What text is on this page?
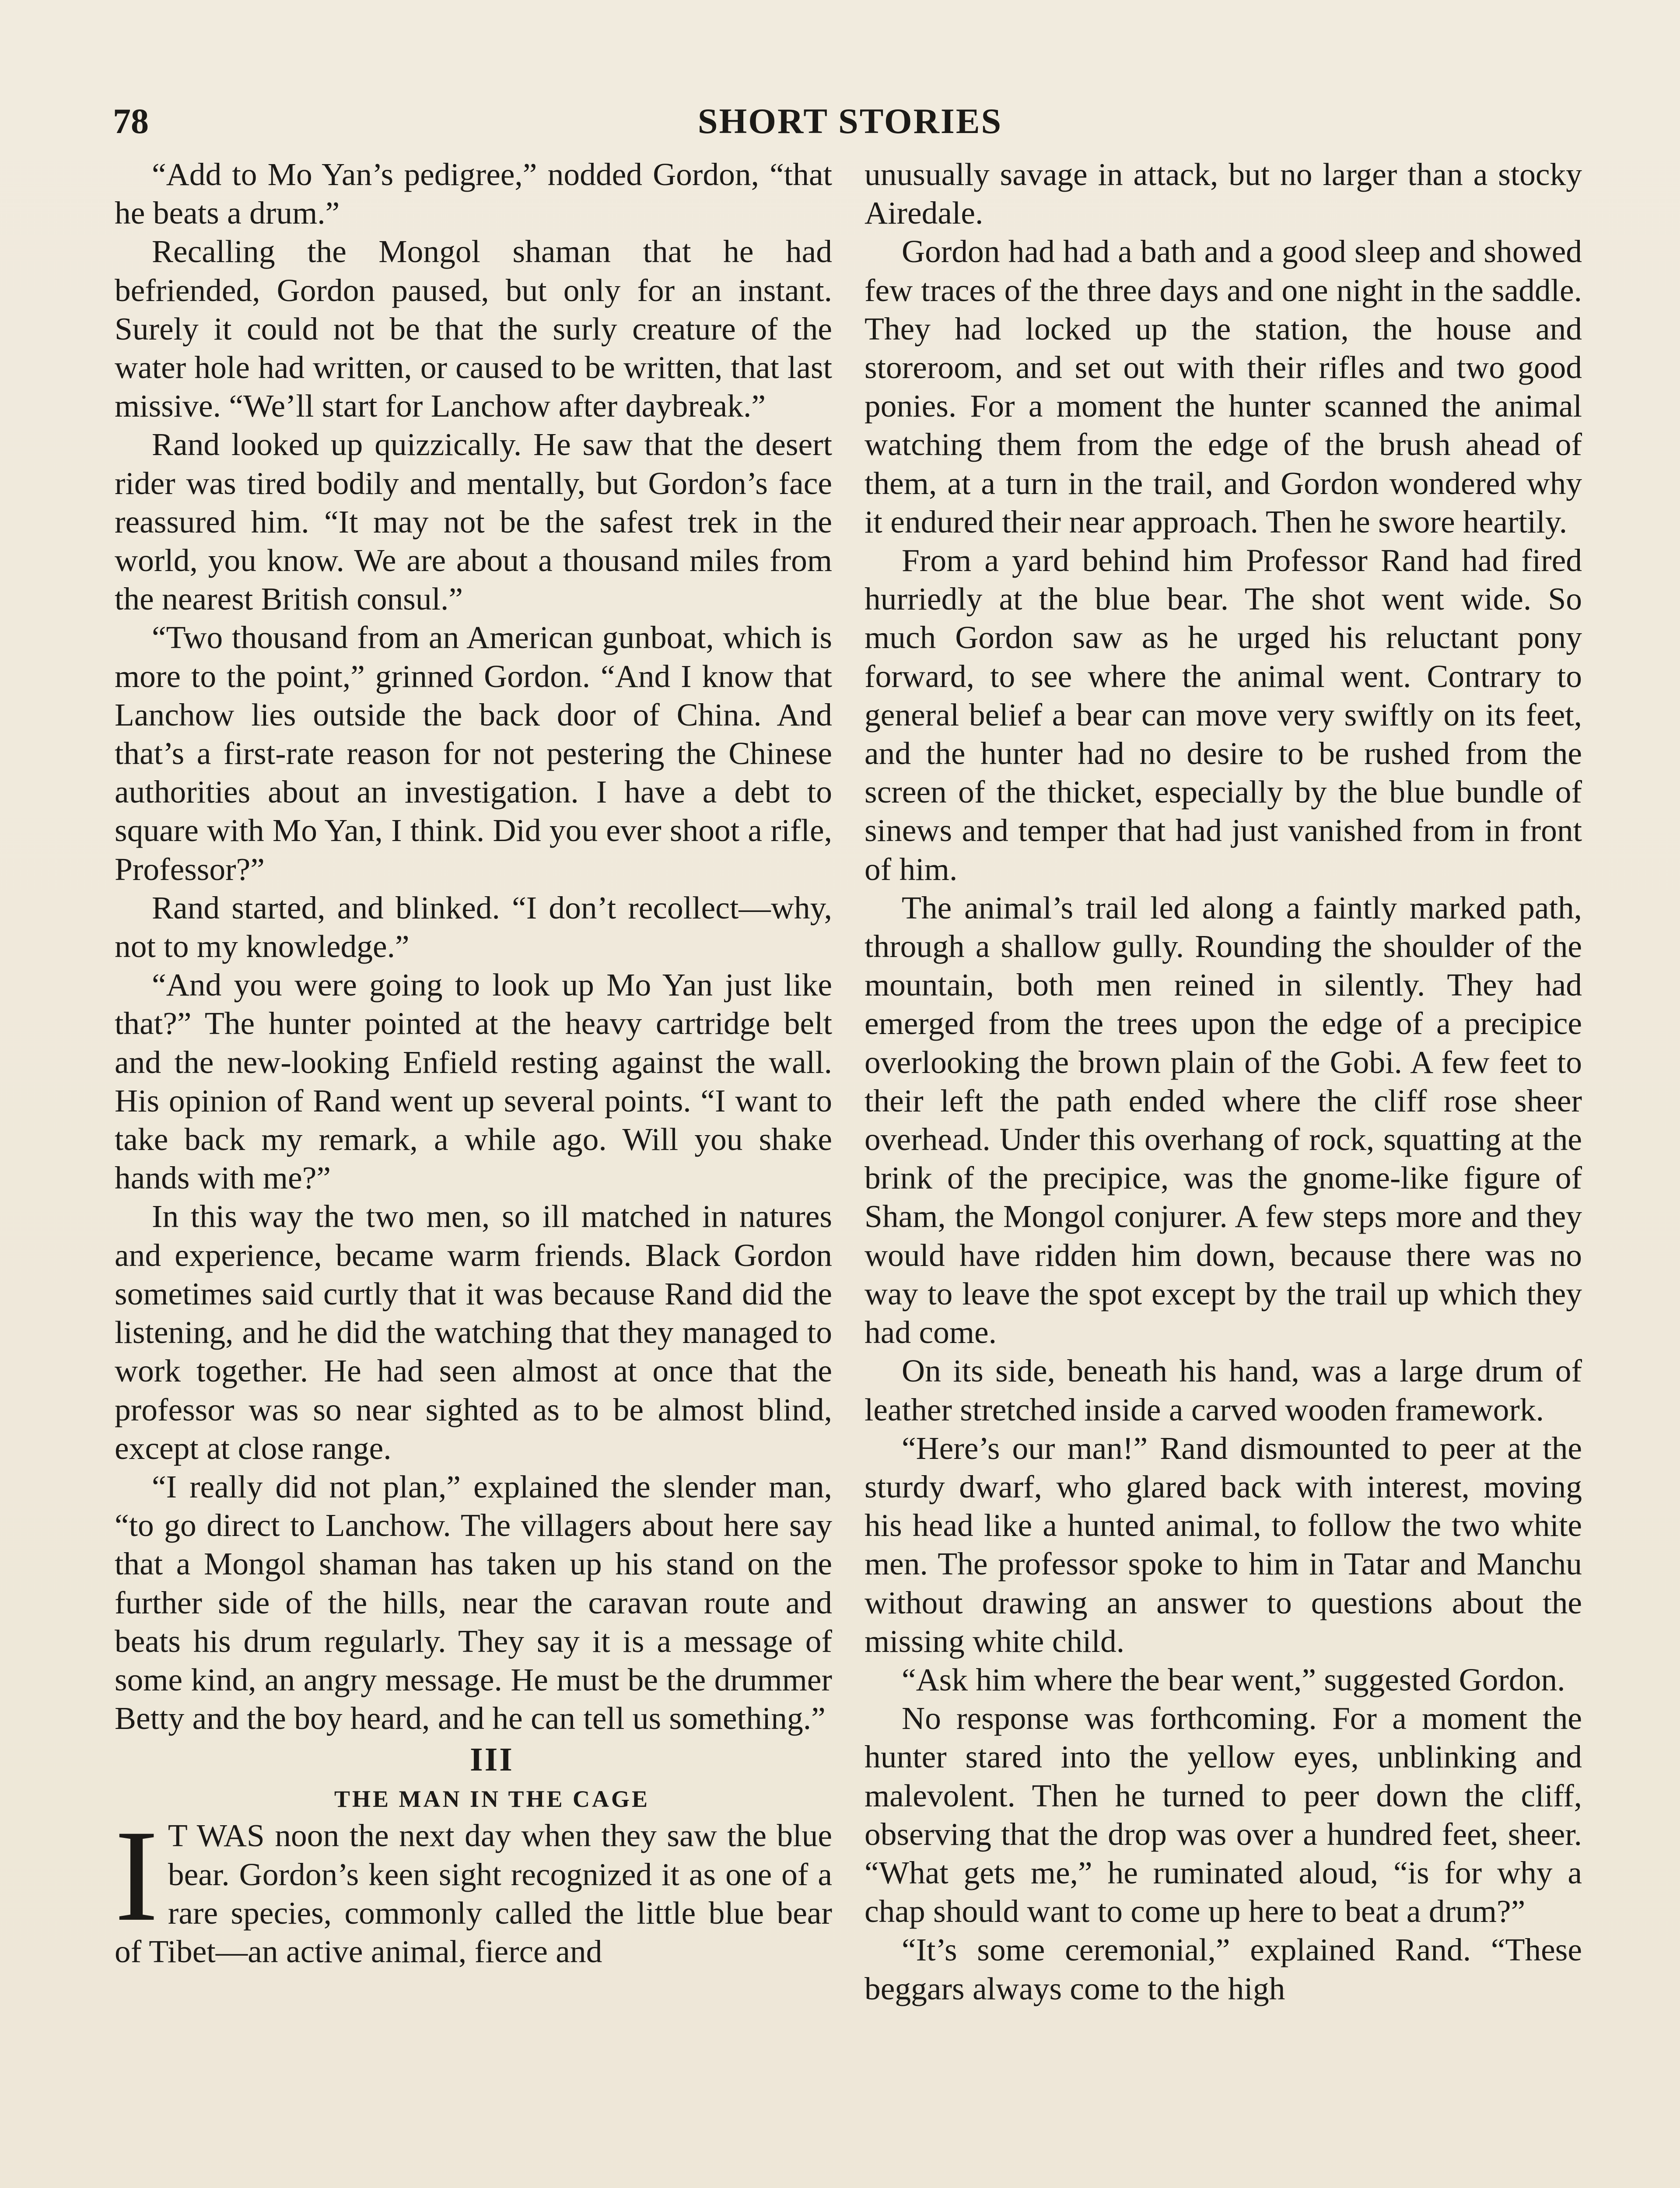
78	SHORT STORIES

“Add to Mo Yan’s pedigree,” nodded Gordon, “that he beats a drum.”

Recalling the Mongol shaman that he had befriended, Gordon paused, but only for an instant. Surely it could not be that the surly creature of the water hole had written, or caused to be written, that last missive. “We’ll start for Lanchow after daybreak.”

Rand looked up quizzically. He saw that the desert rider was tired bodily and mentally, but Gordon’s face reassured him. “It may not be the safest trek in the world, you know. We are about a thousand miles from the nearest British consul.”

“Two thousand from an American gunboat, which is more to the point,” grinned Gordon. “And I know that Lanchow lies outside the back door of China. And that’s a first-rate reason for not pestering the Chinese authorities about an investigation. I have a debt to square with Mo Yan, I think. Did you ever shoot a rifle, Professor?”

Rand started, and blinked. “I don’t recollect—why, not to my knowledge.”

“And you were going to look up Mo Yan just like that?” The hunter pointed at the heavy cartridge belt and the new-looking Enfield resting against the wall. His opinion of Rand went up several points. “I want to take back my remark, a while ago. Will you shake hands with me?”

In this way the two men, so ill matched in natures and experience, became warm friends. Black Gordon sometimes said curtly that it was because Rand did the listening, and he did the watching that they managed to work together. He had seen almost at once that the professor was so near sighted as to be almost blind, except at close range.

“I really did not plan,” explained the slender man, “to go direct to Lanchow. The villagers about here say that a Mongol shaman has taken up his stand on the further side of the hills, near the caravan route and beats his drum regularly. They say it is a message of some kind, an angry message. He must be the drummer Betty and the boy heard, and he can tell us something.”

III

THE MAN IN THE CAGE

I T WAS noon the next day when they saw the blue bear. Gordon’s keen sight recognized it as one of a rare species, commonly called the little blue bear of Tibet—an active animal, fierce and

unusually savage in attack, but no larger than a stocky Airedale.

Gordon had had a bath and a good sleep and showed few traces of the three days and one night in the saddle. They had locked up the station, the house and storeroom, and set out with their rifles and two good ponies. For a moment the hunter scanned the animal watching them from the edge of the brush ahead of them, at a turn in the trail, and Gordon wondered why it endured their near approach. Then he swore heartily.

From a yard behind him Professor Rand had fired hurriedly at the blue bear. The shot went wide. So much Gordon saw as he urged his reluctant pony forward, to see where the animal went. Contrary to general belief a bear can move very swiftly on its feet, and the hunter had no desire to be rushed from the screen of the thicket, especially by the blue bundle of sinews and temper that had just vanished from in front of him.

The animal’s trail led along a faintly marked path, through a shallow gully. Rounding the shoulder of the mountain, both men reined in silently. They had emerged from the trees upon the edge of a precipice overlooking the brown plain of the Gobi. A few feet to their left the path ended where the cliff rose sheer overhead. Under this overhang of rock, squatting at the brink of the precipice, was the gnome-like figure of Sham, the Mongol conjurer. A few steps more and they would have ridden him down, because there was no way to leave the spot except by the trail up which they had come.

On its side, beneath his hand, was a large drum of leather stretched inside a carved wooden framework.

“Here’s our man!” Rand dismounted to peer at the sturdy dwarf, who glared back with interest, moving his head like a hunted animal, to follow the two white men. The professor spoke to him in Tatar and Manchu without drawing an answer to questions about the missing white child.

“Ask him where the bear went,” suggested Gordon.

No response was forthcoming. For a moment the hunter stared into the yellow eyes, unblinking and malevolent. Then he turned to peer down the cliff, observing that the drop was over a hundred feet, sheer. “What gets me,” he ruminated aloud, “is for why a chap should want to come up here to beat a drum?”

“It’s some ceremonial,” explained Rand. “These beggars always come to the high
